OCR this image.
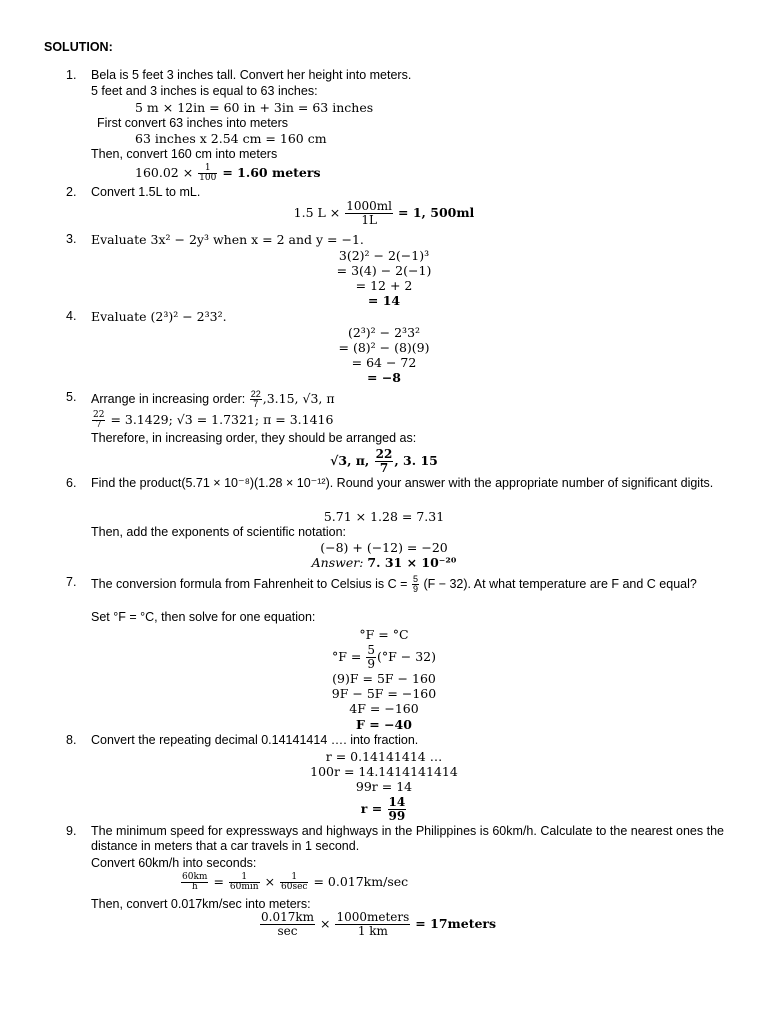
SOLUTION:
1. Bela is 5 feet 3 inches tall. Convert her height into meters.
5 feet and 3 inches is equal to 63 inches:
5 m × 12in = 60 in + 3in = 63 inches
First convert 63 inches into meters
63 inches x 2.54 cm = 160 cm
Then, convert 160 cm into meters
$160.02 \times \frac{1}{100} = 1.60$ meters
2. Convert 1.5L to mL.
1.5 $L \times \frac{1000ml}{1L} = 1$, 500ml
3. Evaluate 3x² − 2y³ when x = 2 and y = −1.
3(2)² − 2(−1)³
= 3(4) − 2(−1)
= 12 + 2
= 14
4. Evaluate (2³)² − 2³3².
(2³)² − 2³3²
= (8)² − (8)(9)
= 64 − 72
= −8
5. Arrange in increasing order: $\frac{22}{7} ,3.15$, √3, π
$\frac{22}{7} = 3.1429$; √3 = 1.7321; π = 3.1416
Therefore, in increasing order, they should be arranged as:
√3, π, $\frac{22}{7}$ , 3. 15
6. Find the product(5.71 × 10⁻⁸)(1.28 × 10⁻¹²). Round your answer with the appropriate number of significant digits.
5.71 × 1.28 = 7.31
Then, add the exponents of scientific notation:
(−8) + (−12) = −20
Answer: 7. 31 × 10⁻²⁰
7. The conversion formula from Fahrenheit to Celsius is $C = \frac{5}{9} (F - 32)$. At what temperature are F and C equal?
Set °F = °C, then solve for one equation:
°F = °C
$^\circ F = \frac{5}{9} (^\circ F - 32)$
(9)F = 5F − 160
9F − 5F = −160
4F = −160
F = −40
8. Convert the repeating decimal 0.14141414 …. into fraction.
r = 0.14141414 …
100r = 14.1414141414
99r = 14
$r = \frac{14}{99}$
9. The minimum speed for expressways and highways in the Philippines is 60km/h. Calculate to the nearest ones the distance in meters that a car travels in 1 second.
Convert 60km/h into seconds:
$\frac{60km}{h} = \frac{1}{60\min} \times \frac{1}{60\sec} = 0.017km/\sec$
Then, convert 0.017km/sec into meters:
$\frac{0.017km}{\sec} \times \frac{\text{1000meters}}{1 km}$ = 17meters
